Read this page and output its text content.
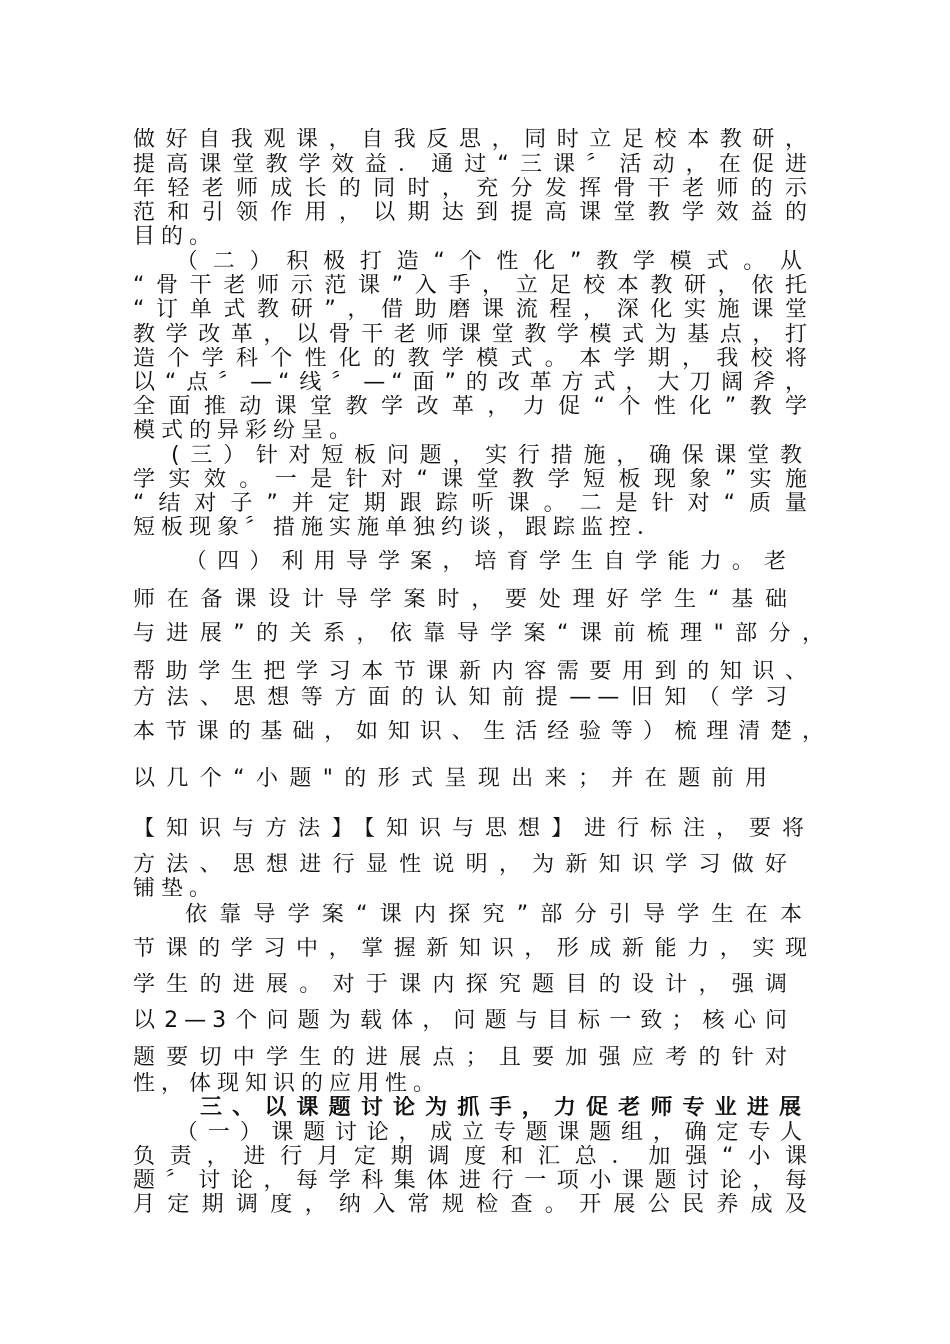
做好自我观课，自我反思，同时立足校本教研，
提高课堂教学效益．通过“三课〞活动，在促进
年轻老师成长的同时，充分发挥骨干老师的示
范和引领作用，以期达到提高课堂教学效益的
目的。
（二）积极打造“个性化”教学模式。从
“骨干老师示范课”入手，立足校本教研，依托
“订单式教研”，借助磨课流程，深化实施课堂
教学改革，以骨干老师课堂教学模式为基点，打
造个学科个性化的教学模式。本学期，我校将
以“点〞—“线〞—“面”的改革方式，大刀阔斧，
全面推动课堂教学改革，力促“个性化”教学
模式的异彩纷呈。
(三）针对短板问题，实行措施，确保课堂教
学实效。一是针对“课堂教学短板现象”实施
“结对子”并定期跟踪听课。二是针对“质量
短板现象〞措施实施单独约谈，跟踪监控．
（四）利用导学案，培育学生自学能力。老
师在备课设计导学案时，要处理好学生“基础
与进展”的关系，依靠导学案“课前梳理"部分，
帮助学生把学习本节课新内容需要用到的知识、
方法、思想等方面的认知前提——旧知（学习
本节课的基础，如知识、生活经验等）梳理清楚，
以几个“小题"的形式呈现出来；并在题前用
【知识与方法】【知识与思想】进行标注，要将
方法、思想进行显性说明，为新知识学习做好
铺垫。
依靠导学案“课内探究”部分引导学生在本
节课的学习中，掌握新知识，形成新能力，实现
学生的进展。对于课内探究题目的设计，强调
以2—3个问题为载体，问题与目标一致；核心问
题要切中学生的进展点；且要加强应考的针对
性，体现知识的应用性。
三、以课题讨论为抓手，力促老师专业进展
（一）课题讨论，成立专题课题组，确定专人
负责，进行月定期调度和汇总．加强“小课
题〞讨论，每学科集体进行一项小课题讨论，每
月定期调度，纳入常规检查。开展公民养成及
